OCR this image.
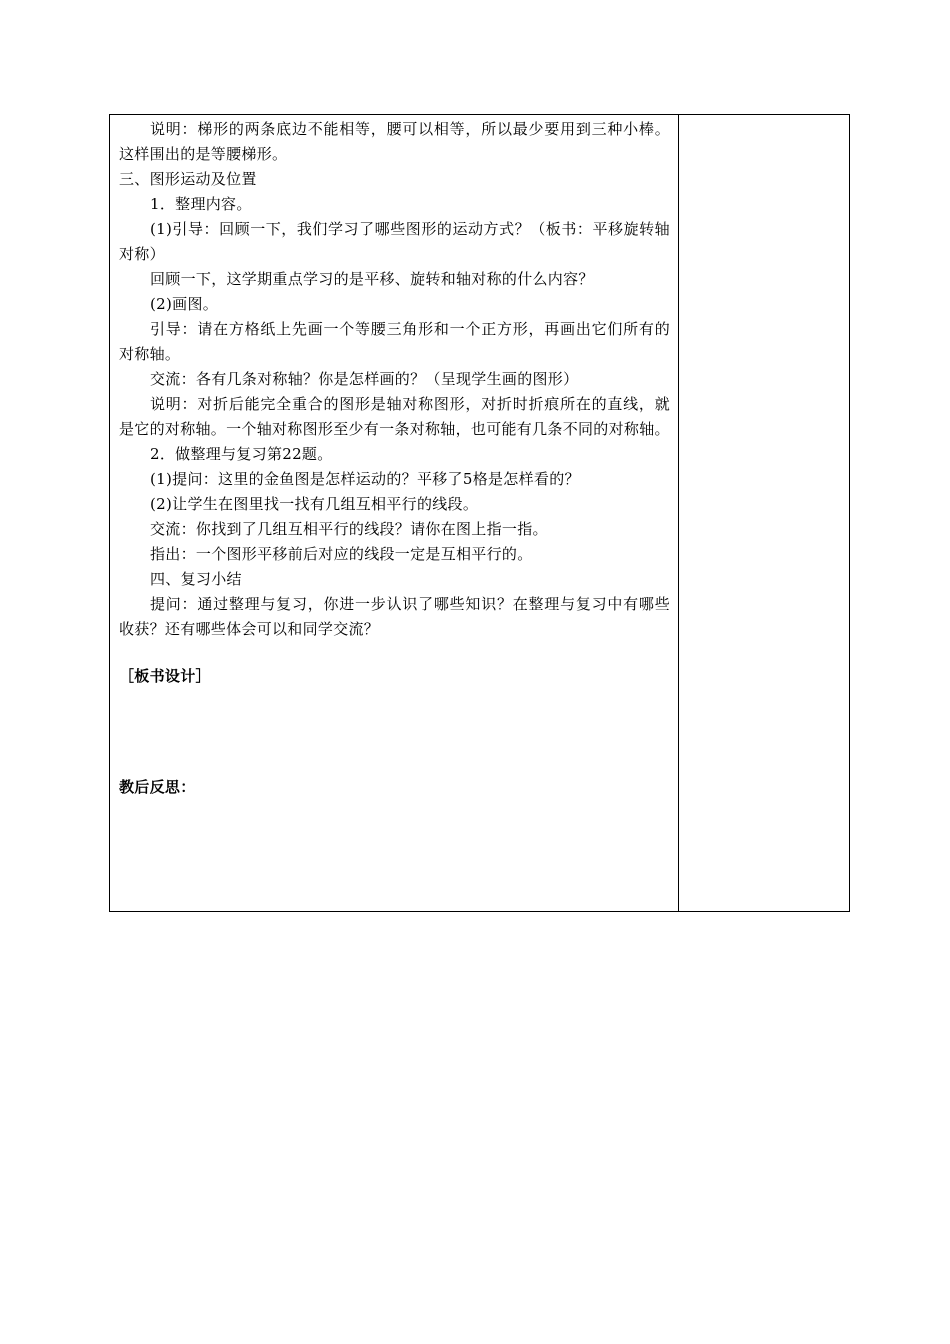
说明：梯形的两条底边不能相等，腰可以相等，所以最少要用到三种小棒。这样围出的是等腰梯形。

三、图形运动及位置

1．整理内容。

(1)引导：回顾一下，我们学习了哪些图形的运动方式？（板书：平移旋转轴对称）

回顾一下，这学期重点学习的是平移、旋转和轴对称的什么内容？

(2)画图。

引导：请在方格纸上先画一个等腰三角形和一个正方形，再画出它们所有的对称轴。

交流：各有几条对称轴？你是怎样画的？（呈现学生画的图形）

说明：对折后能完全重合的图形是轴对称图形，对折时折痕所在的直线，就是它的对称轴。一个轴对称图形至少有一条对称轴，也可能有几条不同的对称轴。

2．做整理与复习第22题。

(1)提问：这里的金鱼图是怎样运动的？平移了5格是怎样看的？

(2)让学生在图里找一找有几组互相平行的线段。

交流：你找到了几组互相平行的线段？请你在图上指一指。

指出：一个图形平移前后对应的线段一定是互相平行的。

四、复习小结

提问：通过整理与复习，你进一步认识了哪些知识？在整理与复习中有哪些收获？还有哪些体会可以和同学交流？

［板书设计］

教后反思：
